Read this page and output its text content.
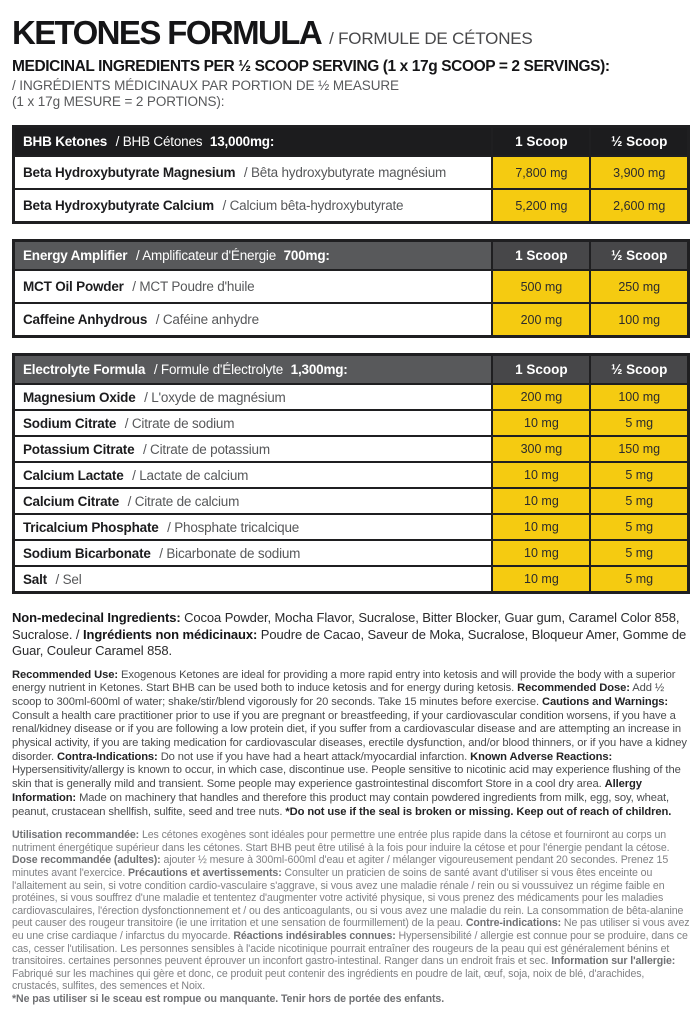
KETONES FORMULA / FORMULE DE CÉTONES
MEDICINAL INGREDIENTS PER ½ SCOOP SERVING (1 x 17g SCOOP = 2 SERVINGS):
/ INGRÉDIENTS MÉDICINAUX PAR PORTION DE ½ MEASURE
(1 x 17g MESURE = 2 PORTIONS):
BHB Ketones / BHB Cétones 13,000mg:	1 Scoop	½ Scoop
Beta Hydroxybutyrate Magnesium / Bêta hydroxybutyrate magnésium	7,800 mg	3,900 mg
Beta Hydroxybutyrate Calcium / Calcium bêta-hydroxybutyrate	5,200 mg	2,600 mg
Energy Amplifier / Amplificateur d'Énergie 700mg:	1 Scoop	½ Scoop
MCT Oil Powder / MCT Poudre d'huile	500 mg	250 mg
Caffeine Anhydrous / Caféine anhydre	200 mg	100 mg
Electrolyte Formula / Formule d'Électrolyte 1,300mg:	1 Scoop	½ Scoop
Magnesium Oxide / L'oxyde de magnésium	200 mg	100 mg
Sodium Citrate / Citrate de sodium	10 mg	5 mg
Potassium Citrate / Citrate de potassium	300 mg	150 mg
Calcium Lactate / Lactate de calcium	10 mg	5 mg
Calcium Citrate / Citrate de calcium	10 mg	5 mg
Tricalcium Phosphate / Phosphate tricalcique	10 mg	5 mg
Sodium Bicarbonate / Bicarbonate de sodium	10 mg	5 mg
Salt / Sel	10 mg	5 mg
Non-medecinal Ingredients: Cocoa Powder, Mocha Flavor, Sucralose, Bitter Blocker, Guar gum, Caramel Color 858, Sucralose. / Ingrédients non médicinaux: Poudre de Cacao, Saveur de Moka, Sucralose, Bloqueur Amer, Gomme de Guar, Couleur Caramel 858.
Recommended Use: Exogenous Ketones are ideal for providing a more rapid entry into ketosis and will provide the body with a superior energy nutrient in Ketones. Start BHB can be used both to induce ketosis and for energy during ketosis. Recommended Dose: Add ½ scoop to 300ml-600ml of water; shake/stir/blend vigorously for 20 seconds. Take 15 minutes before exercise. Cautions and Warnings: Consult a health care practitioner prior to use if you are pregnant or breastfeeding, if your cardiovascular condition worsens, if you have a renal/kidney disease or if you are following a low protein diet, if you suffer from a cardiovascular disease and are attempting an increase in physical activity, if you are taking medication for cardiovascular diseases, erectile dysfunction, and/or blood thinners, or if you have a kidney disorder. Contra-Indications: Do not use if you have had a heart attack/myocardial infarction. Known Adverse Reactions: Hypersensitivity/allergy is known to occur, in which case, discontinue use. People sensitive to nicotinic acid may experience flushing of the skin that is generally mild and transient. Some people may experience gastrointestinal discomfort Store in a cool dry area. Allergy Information: Made on machinery that handles and therefore this product may contain powdered ingredients from milk, egg, soy, wheat, peanut, crustacean shellfish, sulfite, seed and tree nuts. *Do not use if the seal is broken or missing. Keep out of reach of children.
Utilisation recommandée: Les cétones exogènes sont idéales pour permettre une entrée plus rapide dans la cétose et fourniront au corps un nutriment énergétique supérieur dans les cétones. Start BHB peut être utilisé à la fois pour induire la cétose et pour l'énergie pendant la cétose. Dose recommandée (adultes): ajouter ½ mesure à 300ml-600ml d'eau et agiter / mélanger vigoureusement pendant 20 secondes. Prenez 15 minutes avant l'exercice. Précautions et avertissements: Consulter un praticien de soins de santé avant d'utiliser si vous êtes enceinte ou l'allaitement au sein, si votre condition cardio-vasculaire s'aggrave, si vous avez une maladie rénale / rein ou si voussuivez un régime faible en protéines, si vous souffrez d'une maladie et tententez d'augmenter votre activité physique, si vous prenez des médicaments pour les maladies cardiovasculaires, l'érection dysfonctionnement et / ou des anticoagulants, ou si vous avez une maladie du rein. La consommation de bêta-alanine peut causer des rougeur transitoire (ie une irritation et une sensation de fourmillement) de la peau. Contre-indications: Ne pas utiliser si vous avez eu une crise cardiaque / infarctus du myocarde. Réactions indésirables connues: Hypersensibilité / allergie est connue pour se produire, dans ce cas, cesser l'utilisation. Les personnes sensibles à l'acide nicotinique pourrait entraîner des rougeurs de la peau qui est généralement bénins et transitoires. certaines personnes peuvent éprouver un inconfort gastro-intestinal. Ranger dans un endroit frais et sec. Information sur l'allergie: Fabriqué sur les machines qui gère et donc, ce produit peut contenir des ingrédients en poudre de lait, œuf, soja, noix de blé, d'arachides, crustacés, sulfites, des semences et Noix.
*Ne pas utiliser si le sceau est rompue ou manquante. Tenir hors de portée des enfants.
